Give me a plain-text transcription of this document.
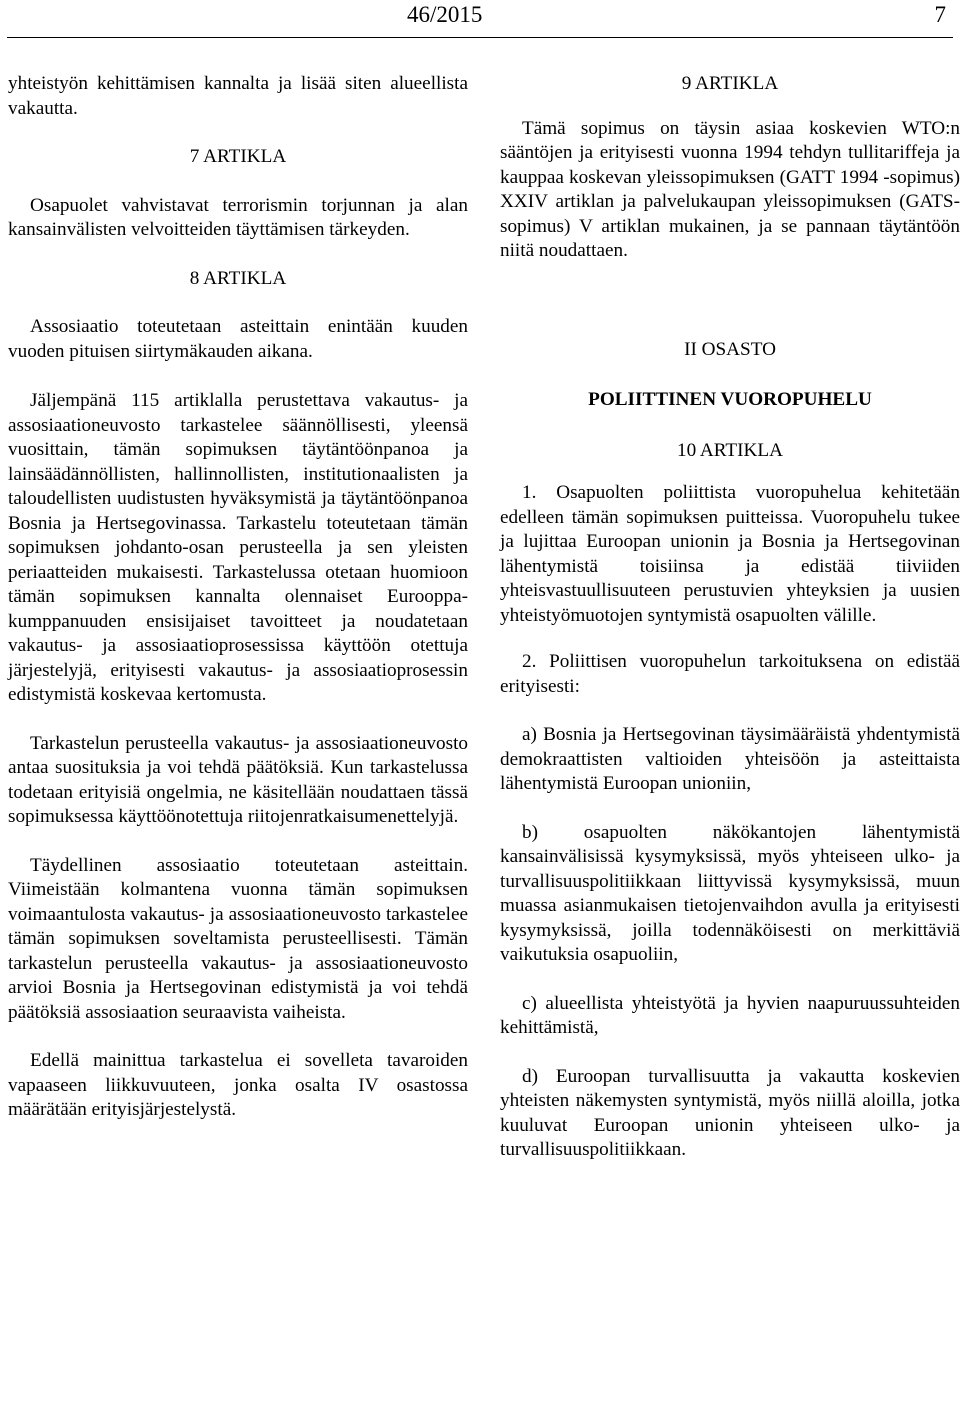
46/2015	7

yhteistyön kehittämisen kannalta ja lisää siten alueellista vakautta.

7 ARTIKLA

Osapuolet vahvistavat terrorismin torjunnan ja alan kansainvälisten velvoitteiden täyttämisen tärkeyden.

8 ARTIKLA

Assosiaatio toteutetaan asteittain enintään kuuden vuoden pituisen siirtymäkauden aikana.

Jäljempänä 115 artiklalla perustettava vakautus- ja assosiaationeuvosto tarkastelee säännöllisesti, yleensä vuosittain, tämän sopimuksen täytäntöönpanoa ja lainsäädännöllisten, hallinnollisten, institutionaalisten ja taloudellisten uudistusten hyväksymistä ja täytäntöönpanoa Bosnia ja Hertsegovinassa. Tarkastelu toteutetaan tämän sopimuksen johdanto-osan perusteella ja sen yleisten periaatteiden mukaisesti. Tarkastelussa otetaan huomioon tämän sopimuksen kannalta olennaiset Eurooppa-kumppanuuden ensisijaiset tavoitteet ja noudatetaan vakautus- ja assosiaatioprosessissa käyttöön otettuja järjestelyjä, erityisesti vakautus- ja assosiaatioprosessin edistymistä koskevaa kertomusta.

Tarkastelun perusteella vakautus- ja assosiaationeuvosto antaa suosituksia ja voi tehdä päätöksiä. Kun tarkastelussa todetaan erityisiä ongelmia, ne käsitellään noudattaen tässä sopimuksessa käyttöönotettuja riitojenratkaisumenettelyjä.

Täydellinen assosiaatio toteutetaan asteittain. Viimeistään kolmantena vuonna tämän sopimuksen voimaantulosta vakautus- ja assosiaationeuvosto tarkastelee tämän sopimuksen soveltamista perusteellisesti. Tämän tarkastelun perusteella vakautus- ja assosiaationeuvosto arvioi Bosnia ja Hertsegovinan edistymistä ja voi tehdä päätöksiä assosiaation seuraavista vaiheista.

Edellä mainittua tarkastelua ei sovelleta tavaroiden vapaaseen liikkuvuuteen, jonka osalta IV osastossa määrätään erityisjärjestelystä.

9 ARTIKLA

Tämä sopimus on täysin asiaa koskevien WTO:n sääntöjen ja erityisesti vuonna 1994 tehdyn tullitariffeja ja kauppaa koskevan yleissopimuksen (GATT 1994 -sopimus) XXIV artiklan ja palvelukaupan yleissopimuksen (GATS-sopimus) V artiklan mukainen, ja se pannaan täytäntöön niitä noudattaen.

II OSASTO

POLIITTINEN VUOROPUHELU

10 ARTIKLA

1. Osapuolten poliittista vuoropuhelua kehitetään edelleen tämän sopimuksen puitteissa. Vuoropuhelu tukee ja lujittaa Euroopan unionin ja Bosnia ja Hertsegovinan lähentymistä toisiinsa ja edistää tiiviiden yhteisvastuullisuuteen perustuvien yhteyksien ja uusien yhteistyömuotojen syntymistä osapuolten välille.

2. Poliittisen vuoropuhelun tarkoituksena on edistää erityisesti:

a) Bosnia ja Hertsegovinan täysimääräistä yhdentymistä demokraattisten valtioiden yhteisöön ja asteittaista lähentymistä Euroopan unioniin,

b) osapuolten näkökantojen lähentymistä kansainvälisissä kysymyksissä, myös yhteiseen ulko- ja turvallisuuspolitiikkaan liittyvissä kysymyksissä, muun muassa asianmukaisen tietojenvaihdon avulla ja erityisesti kysymyksissä, joilla todennäköisesti on merkittäviä vaikutuksia osapuoliin,

c) alueellista yhteistyötä ja hyvien naapuruussuhteiden kehittämistä,

d) Euroopan turvallisuutta ja vakautta koskevien yhteisten näkemysten syntymistä, myös niillä aloilla, jotka kuuluvat Euroopan unionin yhteiseen ulko- ja turvallisuuspolitiikkaan.
